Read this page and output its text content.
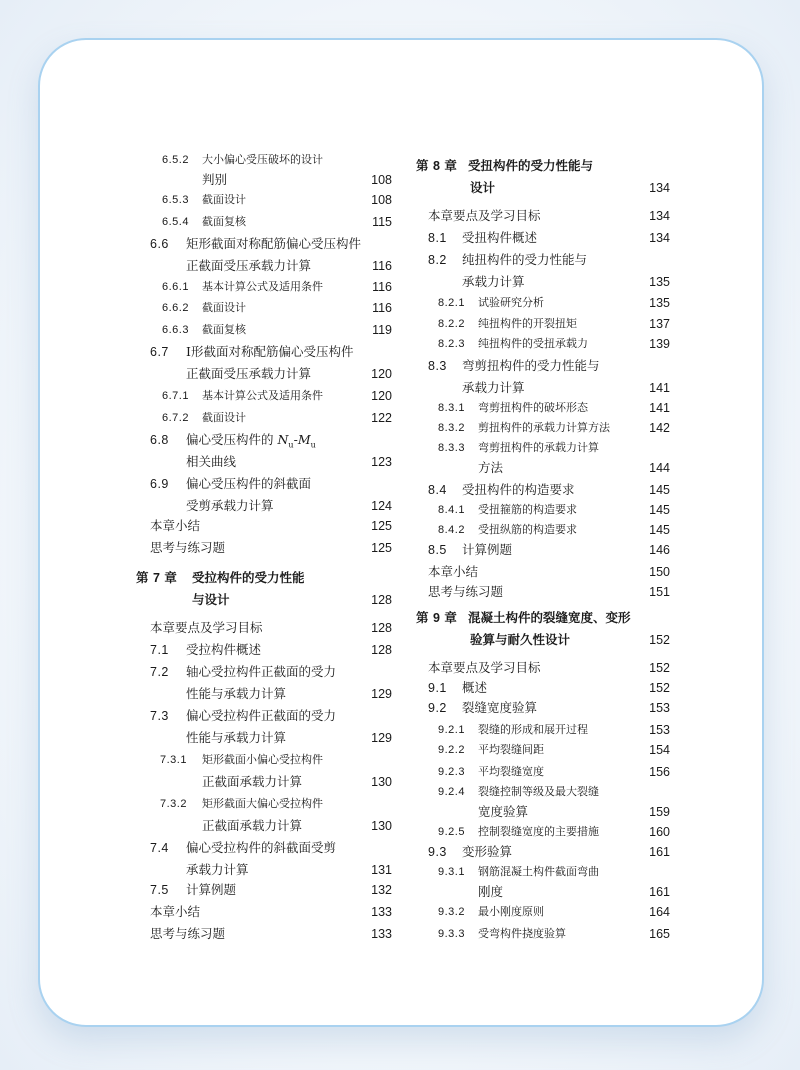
6.5.2 大小偏心受压破坏的设计
判别	108
6.5.3 截面设计	108
6.5.4 截面复核	115
6.6 矩形截面对称配筋偏心受压构件
正截面受压承载力计算	116
6.6.1 基本计算公式及适用条件	116
6.6.2 截面设计	116
6.6.3 截面复核	119
6.7 Ⅰ形截面对称配筋偏心受压构件
正截面受压承载力计算	120
6.7.1 基本计算公式及适用条件	120
6.7.2 截面设计	122
6.8 偏心受压构件的 $N_u-M_u$
相关曲线	123
6.9 偏心受压构件的斜截面
受剪承载力计算	124
本章小结	125
思考与练习题	125
第 7 章 受拉构件的受力性能
与设计	128
本章要点及学习目标	128
7.1 受拉构件概述	128
7.2 轴心受拉构件正截面的受力
性能与承载力计算	129
7.3 偏心受拉构件正截面的受力
性能与承载力计算	129
7.3.1 矩形截面小偏心受拉构件
正截面承载力计算	130
7.3.2 矩形截面大偏心受拉构件
正截面承载力计算	130
7.4 偏心受拉构件的斜截面受剪
承载力计算	131
7.5 计算例题	132
本章小结	133
思考与练习题	133
第 8 章 受扭构件的受力性能与
设计	134
本章要点及学习目标	134
8.1 受扭构件概述	134
8.2 纯扭构件的受力性能与
承载力计算	135
8.2.1 试验研究分析	135
8.2.2 纯扭构件的开裂扭矩	137
8.2.3 纯扭构件的受扭承载力	139
8.3 弯剪扭构件的受力性能与
承载力计算	141
8.3.1 弯剪扭构件的破坏形态	141
8.3.2 剪扭构件的承载力计算方法	142
8.3.3 弯剪扭构件的承载力计算
方法	144
8.4 受扭构件的构造要求	145
8.4.1 受扭箍筋的构造要求	145
8.4.2 受扭纵筋的构造要求	145
8.5 计算例题	146
本章小结	150
思考与练习题	151
第 9 章 混凝土构件的裂缝宽度、变形
验算与耐久性设计	152
本章要点及学习目标	152
9.1 概述	152
9.2 裂缝宽度验算	153
9.2.1 裂缝的形成和展开过程	153
9.2.2 平均裂缝间距	154
9.2.3 平均裂缝宽度	156
9.2.4 裂缝控制等级及最大裂缝
宽度验算	159
9.2.5 控制裂缝宽度的主要措施	160
9.3 变形验算	161
9.3.1 钢筋混凝土构件截面弯曲
刚度	161
9.3.2 最小刚度原则	164
9.3.3 受弯构件挠度验算	165
